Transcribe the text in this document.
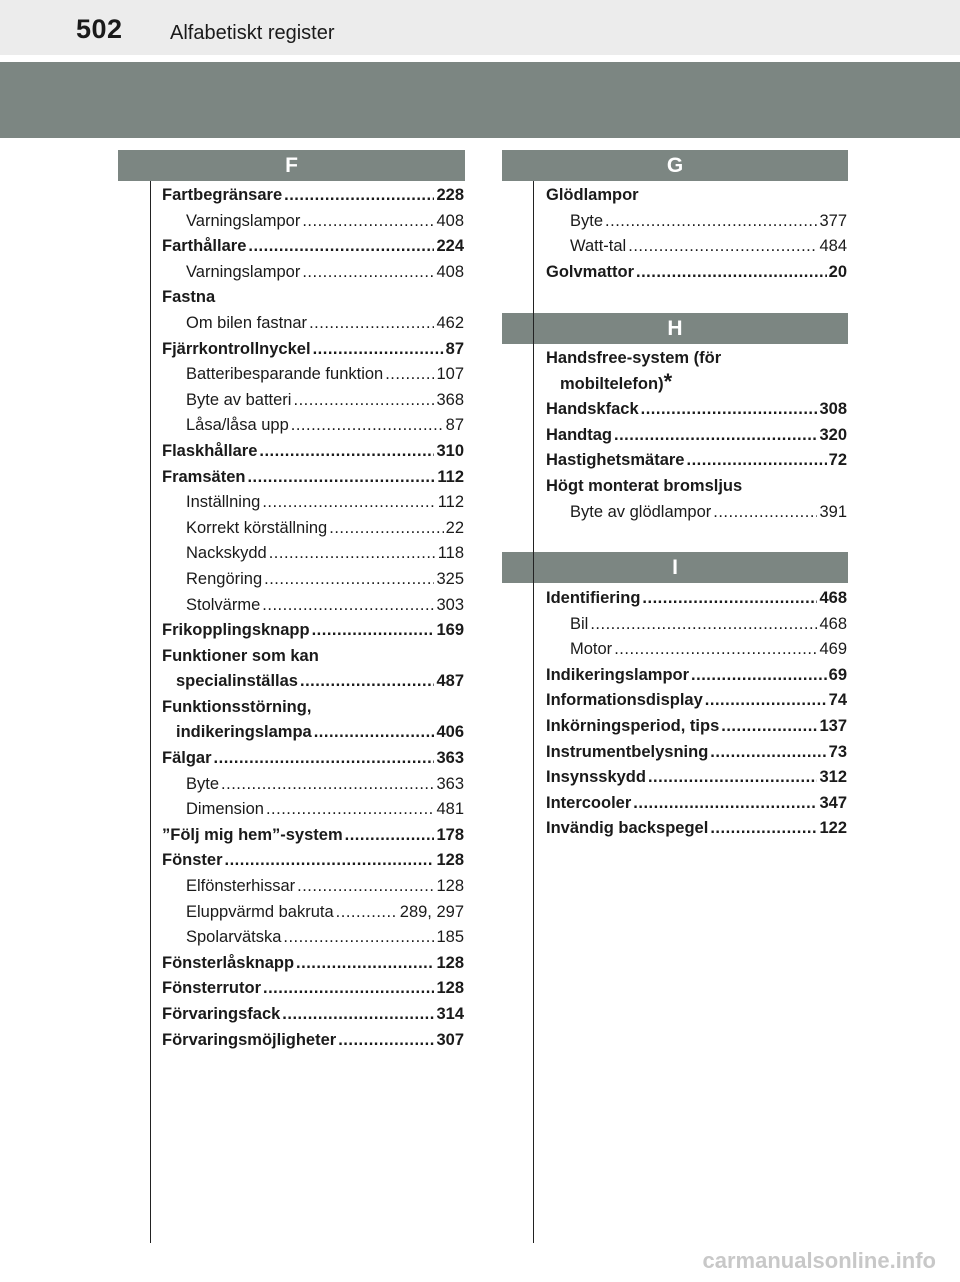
502 Alfabetiskt register
F	G
H
I
Fartbegränsare .....	228
Varningslampor .....	408
Farthållare .....	224
Varningslampor .....	408
Fastna
Om bilen fastnar .....	462
Fjärrkontrollnyckel .....	87
Batteribesparande funktion .....	107
Byte av batteri .....	368
Låsa/låsa upp .....	87
Flaskhållare .....	310
Framsäten .....	112
Inställning .....	112
Korrekt körställning .....	22
Nackskydd .....	118
Rengöring .....	325
Stolvärme .....	303
Frikopplingsknapp .....	169
Funktioner som kan
specialinställas .....	487
Funktionsstörning,
indikeringslampa .....	406
Fälgar .....	363
Byte .....	363
Dimension .....	481
”Följ mig hem”-system .....	178
Fönster .....	128
Elfönsterhissar .....	128
Eluppvärmd bakruta .....	289, 297
Spolarvätska .....	185
Fönsterlåsknapp .....	128
Fönsterrutor .....	128
Förvaringsfack .....	314
Förvaringsmöjligheter .....	307
Glödlampor
Byte .....	377
Watt-tal .....	484
Golvmattor .....	20
Handsfree-system (för
mobiltelefon) *
Handskfack .....	308
Handtag .....	320
Hastighetsmätare .....	72
Högt monterat bromsljus
Byte av glödlampor .....	391
Identifiering .....	468
Bil .....	468
Motor .....	469
Indikeringslampor .....	69
Informationsdisplay .....	74
Inkörningsperiod, tips .....	137
Instrumentbelysning .....	73
Insynsskydd .....	312
Intercooler .....	347
Invändig backspegel .....	122
carmanualsonline.info
